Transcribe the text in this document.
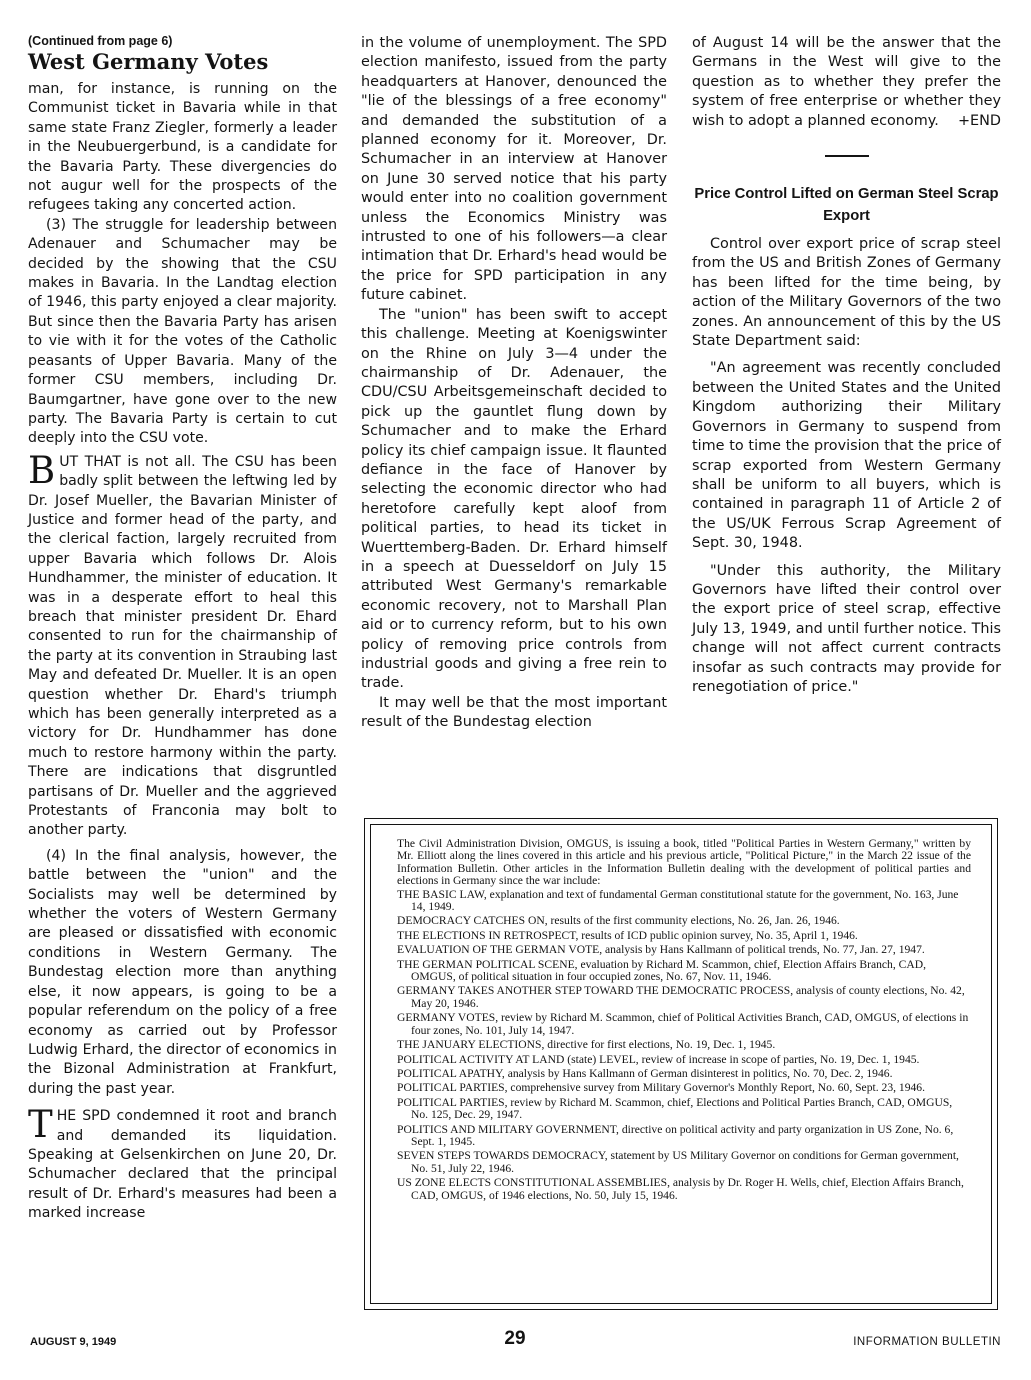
(Continued from page 6)

West Germany Votes

man, for instance, is running on the Communist ticket in Bavaria while in that same state Franz Ziegler, formerly a leader in the Neubuergerbund, is a candidate for the Bavaria Party. These divergencies do not augur well for the prospects of the refugees taking any concerted action.

(3) The struggle for leadership between Adenauer and Schumacher may be decided by the showing that the CSU makes in Bavaria. In the Landtag election of 1946, this party enjoyed a clear majority. But since then the Bavaria Party has arisen to vie with it for the votes of the Catholic peasants of Upper Bavaria. Many of the former CSU members, including Dr. Baumgartner, have gone over to the new party. The Bavaria Party is certain to cut deeply into the CSU vote.

BUT THAT is not all. The CSU has been badly split between the leftwing led by Dr. Josef Mueller, the Bavarian Minister of Justice and former head of the party, and the clerical faction, largely recruited from upper Bavaria which follows Dr. Alois Hundhammer, the minister of education. It was in a desperate effort to heal this breach that minister president Dr. Ehard consented to run for the chairmanship of the party at its convention in Straubing last May and defeated Dr. Mueller. It is an open question whether Dr. Ehard's triumph which has been generally interpreted as a victory for Dr. Hundhammer has done much to restore harmony within the party. There are indications that disgruntled partisans of Dr. Mueller and the aggrieved Protestants of Franconia may bolt to another party.

(4) In the final analysis, however, the battle between the "union" and the Socialists may well be determined by whether the voters of Western Germany are pleased or dissatisfied with economic conditions in Western Germany. The Bundestag election more than anything else, it now appears, is going to be a popular referendum on the policy of a free economy as carried out by Professor Ludwig Erhard, the director of economics in the Bizonal Administration at Frankfurt, during the past year.

THE SPD condemned it root and branch and demanded its liquidation. Speaking at Gelsenkirchen on June 20, Dr. Schumacher declared that the principal result of Dr. Erhard's measures had been a marked increase

in the volume of unemployment. The SPD election manifesto, issued from the party headquarters at Hanover, denounced the "lie of the blessings of a free economy" and demanded the substitution of a planned economy for it. Moreover, Dr. Schumacher in an interview at Hanover on June 30 served notice that his party would enter into no coalition government unless the Economics Ministry was intrusted to one of his followers—a clear intimation that Dr. Erhard's head would be the price for SPD participation in any future cabinet.

The "union" has been swift to accept this challenge. Meeting at Koenigswinter on the Rhine on July 3—4 under the chairmanship of Dr. Adenauer, the CDU/CSU Arbeitsgemeinschaft decided to pick up the gauntlet flung down by Schumacher and to make the Erhard policy its chief campaign issue. It flaunted defiance in the face of Hanover by selecting the economic director who had heretofore carefully kept aloof from political parties, to head its ticket in Wuerttemberg-Baden. Dr. Erhard himself in a speech at Duesseldorf on July 15 attributed West Germany's remarkable economic recovery, not to Marshall Plan aid or to currency reform, but to his own policy of removing price controls from industrial goods and giving a free rein to trade.

It may well be that the most important result of the Bundestag election

of August 14 will be the answer that the Germans in the West will give to the question as to whether they prefer the system of free enterprise or whether they wish to adopt a planned economy. +END

Price Control Lifted on German Steel Scrap Export

Control over export price of scrap steel from the US and British Zones of Germany has been lifted for the time being, by action of the Military Governors of the two zones. An announcement of this by the US State Department said:

"An agreement was recently concluded between the United States and the United Kingdom authorizing their Military Governors in Germany to suspend from time to time the provision that the price of scrap exported from Western Germany shall be uniform to all buyers, which is contained in paragraph 11 of Article 2 of the US/UK Ferrous Scrap Agreement of Sept. 30, 1948.

"Under this authority, the Military Governors have lifted their control over the export price of steel scrap, effective July 13, 1949, and until further notice. This change will not affect current contracts insofar as such contracts may provide for renegotiation of price."

The Civil Administration Division, OMGUS, is issuing a book, titled "Political Parties in Western Germany," written by Mr. Elliott along the lines covered in this article and his previous article, "Political Picture," in the March 22 issue of the Information Bulletin. Other articles in the Information Bulletin dealing with the development of political parties and elections in Germany since the war include:

THE BASIC LAW, explanation and text of fundamental German constitutional statute for the government, No. 163, June 14, 1949.

DEMOCRACY CATCHES ON, results of the first community elections, No. 26, Jan. 26, 1946.

THE ELECTIONS IN RETROSPECT, results of ICD public opinion survey, No. 35, April 1, 1946.

EVALUATION OF THE GERMAN VOTE, analysis by Hans Kallmann of political trends, No. 77, Jan. 27, 1947.

THE GERMAN POLITICAL SCENE, evaluation by Richard M. Scammon, chief, Election Affairs Branch, CAD, OMGUS, of political situation in four occupied zones, No. 67, Nov. 11, 1946.

GERMANY TAKES ANOTHER STEP TOWARD THE DEMOCRATIC PROCESS, analysis of county elections, No. 42, May 20, 1946.

GERMANY VOTES, review by Richard M. Scammon, chief of Political Activities Branch, CAD, OMGUS, of elections in four zones, No. 101, July 14, 1947.

THE JANUARY ELECTIONS, directive for first elections, No. 19, Dec. 1, 1945.

POLITICAL ACTIVITY AT LAND (state) LEVEL, review of increase in scope of parties, No. 19, Dec. 1, 1945.

POLITICAL APATHY, analysis by Hans Kallmann of German disinterest in politics, No. 70, Dec. 2, 1946.

POLITICAL PARTIES, comprehensive survey from Military Governor's Monthly Report, No. 60, Sept. 23, 1946.

POLITICAL PARTIES, review by Richard M. Scammon, chief, Elections and Political Parties Branch, CAD, OMGUS, No. 125, Dec. 29, 1947.

POLITICS AND MILITARY GOVERNMENT, directive on political activity and party organization in US Zone, No. 6, Sept. 1, 1945.

SEVEN STEPS TOWARDS DEMOCRACY, statement by US Military Governor on conditions for German government, No. 51, July 22, 1946.

US ZONE ELECTS CONSTITUTIONAL ASSEMBLIES, analysis by Dr. Roger H. Wells, chief, Election Affairs Branch, CAD, OMGUS, of 1946 elections, No. 50, July 15, 1946.

AUGUST 9, 1949	29	INFORMATION BULLETIN
